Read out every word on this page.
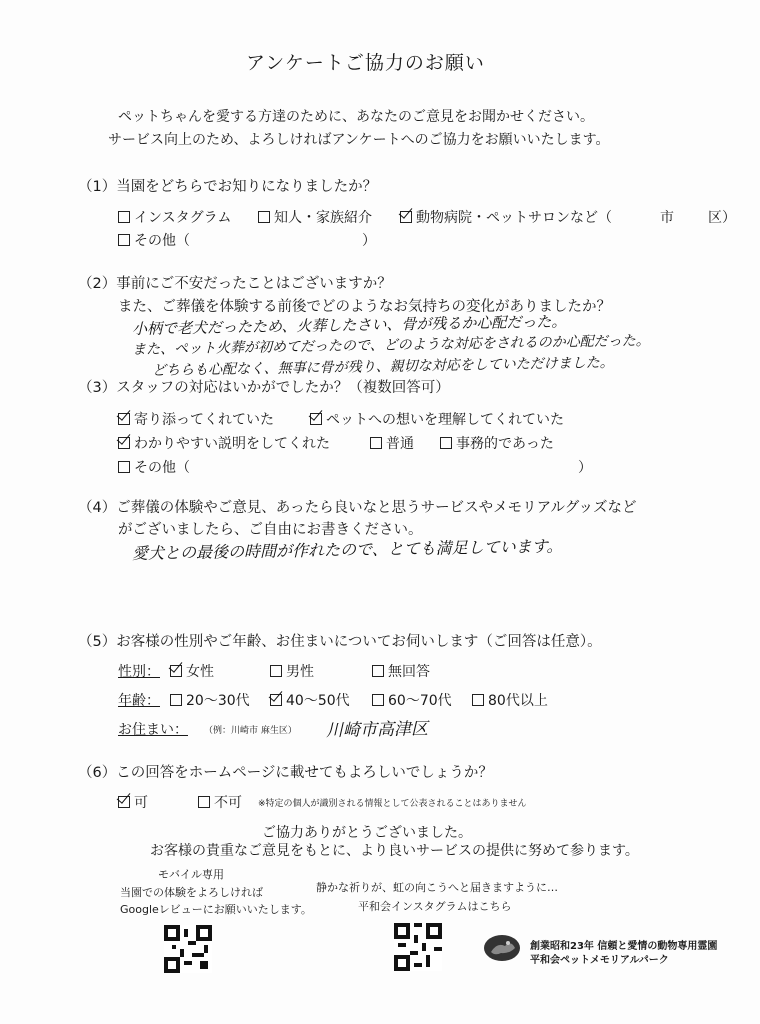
アンケートご協力のお願い
ペットちゃんを愛する方達のために、あなたのご意見をお聞かせください。
サービス向上のため、よろしければアンケートへのご協力をお願いいたします。
（1）当園をどちらでお知りになりましたか？
インスタグラム	知人・家族紹介	動物病院・ペットサロンなど（	市 区）
その他（	）
（2）事前にご不安だったことはございますか？
また、ご葬儀を体験する前後でどのようなお気持ちの変化がありましたか？
小柄で老犬だったため、火葬したさい、骨が残るか心配だった。
また、ペット火葬が初めてだったので、どのような対応をされるのか心配だった。
どちらも心配なく、無事に骨が残り、親切な対応をしていただけました。
（3）スタッフの対応はいかがでしたか？（複数回答可）
寄り添ってくれていた	ペットへの想いを理解してくれていた
わかりやすい説明をしてくれた	普通	事務的であった
その他（	）
（4）ご葬儀の体験やご意見、あったら良いなと思うサービスやメモリアルグッズなど
がございましたら、ご自由にお書きください。
愛犬との最後の時間が作れたので、とても満足しています。
（5）お客様の性別やご年齢、お住まいについてお伺いします（ご回答は任意）。
性別：	女性	男性	無回答
年齢：	20〜30代	40〜50代	60〜70代	80代以上
お住まい： （例：川崎市 麻生区） 川崎市高津区
（6）この回答をホームページに載せてもよろしいでしょうか？
可	不可 ※特定の個人が識別される情報として公表されることはありません
ご協力ありがとうございました。
お客様の貴重なご意見をもとに、より良いサービスの提供に努めて参ります。
モバイル専用
当園での体験をよろしければ
Googleレビューにお願いいたします。
静かな祈りが、虹の向こうへと届きますように…
平和会インスタグラムはこちら
創業昭和23年 信頼と愛情の動物専用霊園
平和会ペットメモリアルパーク
